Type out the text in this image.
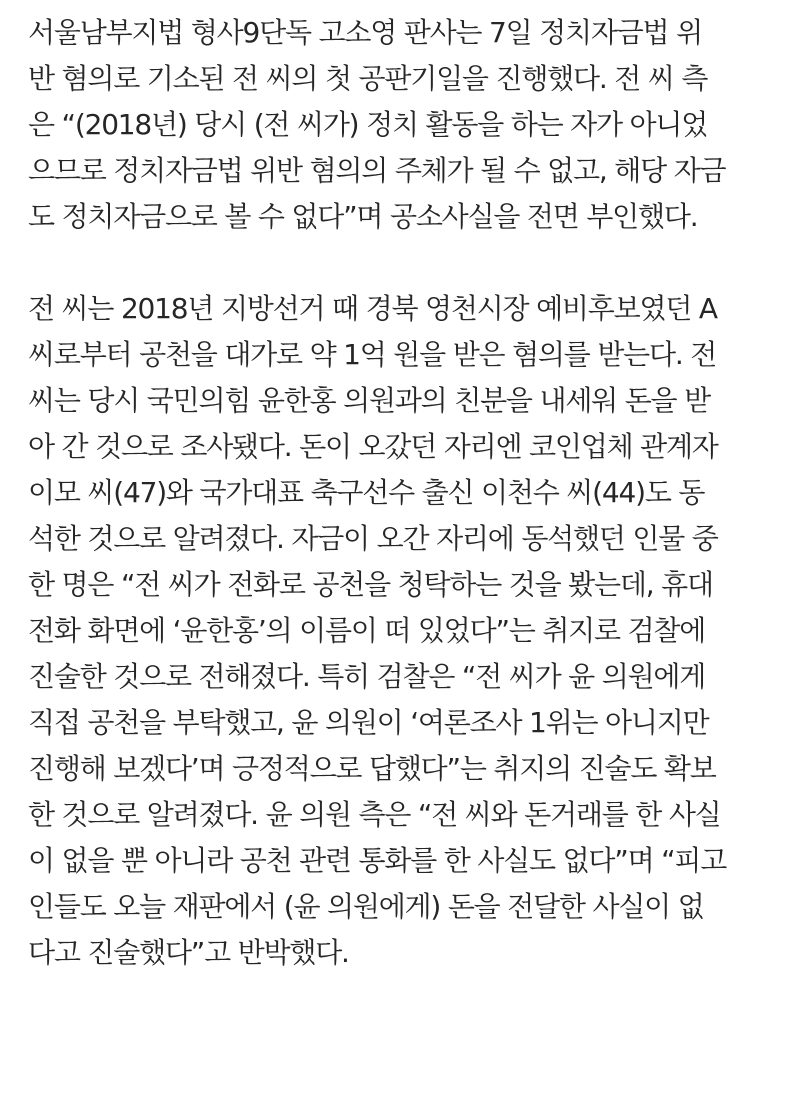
서울남부지법 형사9단독 고소영 판사는 7일 정치자금법 위
반 혐의로 기소된 전 씨의 첫 공판기일을 진행했다. 전 씨 측
은 “(2018년) 당시 (전 씨가) 정치 활동을 하는 자가 아니었
으므로 정치자금법 위반 혐의의 주체가 될 수 없고, 해당 자금
도 정치자금으로 볼 수 없다”며 공소사실을 전면 부인했다.
전 씨는 2018년 지방선거 때 경북 영천시장 예비후보였던 A
씨로부터 공천을 대가로 약 1억 원을 받은 혐의를 받는다. 전
씨는 당시 국민의힘 윤한홍 의원과의 친분을 내세워 돈을 받
아 간 것으로 조사됐다. 돈이 오갔던 자리엔 코인업체 관계자
이모 씨(47)와 국가대표 축구선수 출신 이천수 씨(44)도 동
석한 것으로 알려졌다. 자금이 오간 자리에 동석했던 인물 중
한 명은 “전 씨가 전화로 공천을 청탁하는 것을 봤는데, 휴대
전화 화면에 ‘윤한홍’의 이름이 떠 있었다”는 취지로 검찰에
진술한 것으로 전해졌다. 특히 검찰은 “전 씨가 윤 의원에게
직접 공천을 부탁했고, 윤 의원이 ‘여론조사 1위는 아니지만
진행해 보겠다’며 긍정적으로 답했다”는 취지의 진술도 확보
한 것으로 알려졌다. 윤 의원 측은 “전 씨와 돈거래를 한 사실
이 없을 뿐 아니라 공천 관련 통화를 한 사실도 없다”며 “피고
인들도 오늘 재판에서 (윤 의원에게) 돈을 전달한 사실이 없
다고 진술했다”고 반박했다.
